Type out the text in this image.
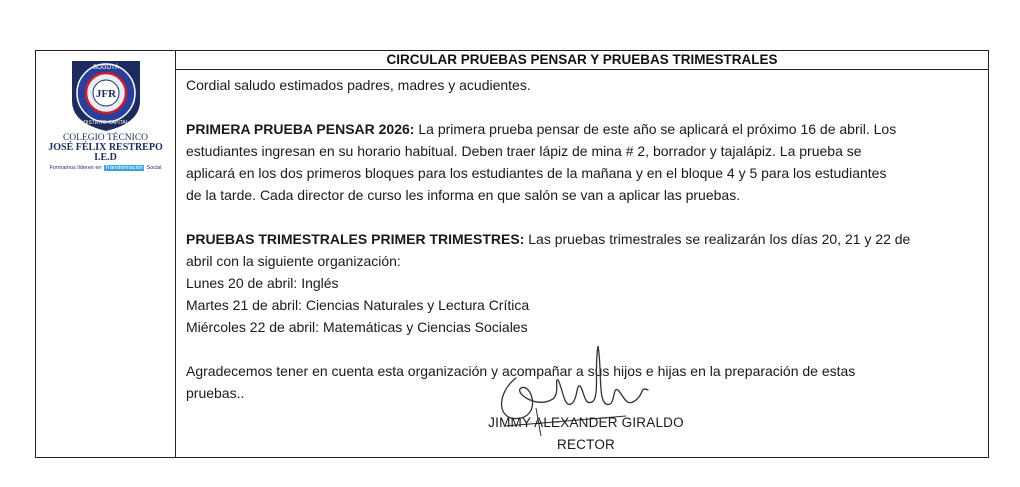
BOGOTÁ
DISTRITO CAPITAL
JFR
COLEGIO TÉCNICO
JOSÉ FÉLIX RESTREPO I.E.D
Formamos líderes en Transformación Social
CIRCULAR PRUEBAS PENSAR Y PRUEBAS TRIMESTRALES

Cordial saludo estimados padres, madres y acudientes.

PRIMERA PRUEBA PENSAR 2026: La primera prueba pensar de este año se aplicará el próximo 16 de abril. Los

estudiantes ingresan en su horario habitual. Deben traer lápiz de mina # 2, borrador y tajalápiz. La prueba se

aplicará en los dos primeros bloques para los estudiantes de la mañana y en el bloque 4 y 5 para los estudiantes

de la tarde. Cada director de curso les informa en que salón se van a aplicar las pruebas.

PRUEBAS TRIMESTRALES PRIMER TRIMESTRES: Las pruebas trimestrales se realizarán los días 20, 21 y 22 de

abril con la siguiente organización:

Lunes 20 de abril: Inglés

Martes 21 de abril: Ciencias Naturales y Lectura Crítica

Miércoles 22 de abril: Matemáticas y Ciencias Sociales

Agradecemos tener en cuenta esta organización y acompañar a sus hijos e hijas en la preparación de estas

pruebas..

JIMMY ALEXANDER GIRALDO
RECTOR
